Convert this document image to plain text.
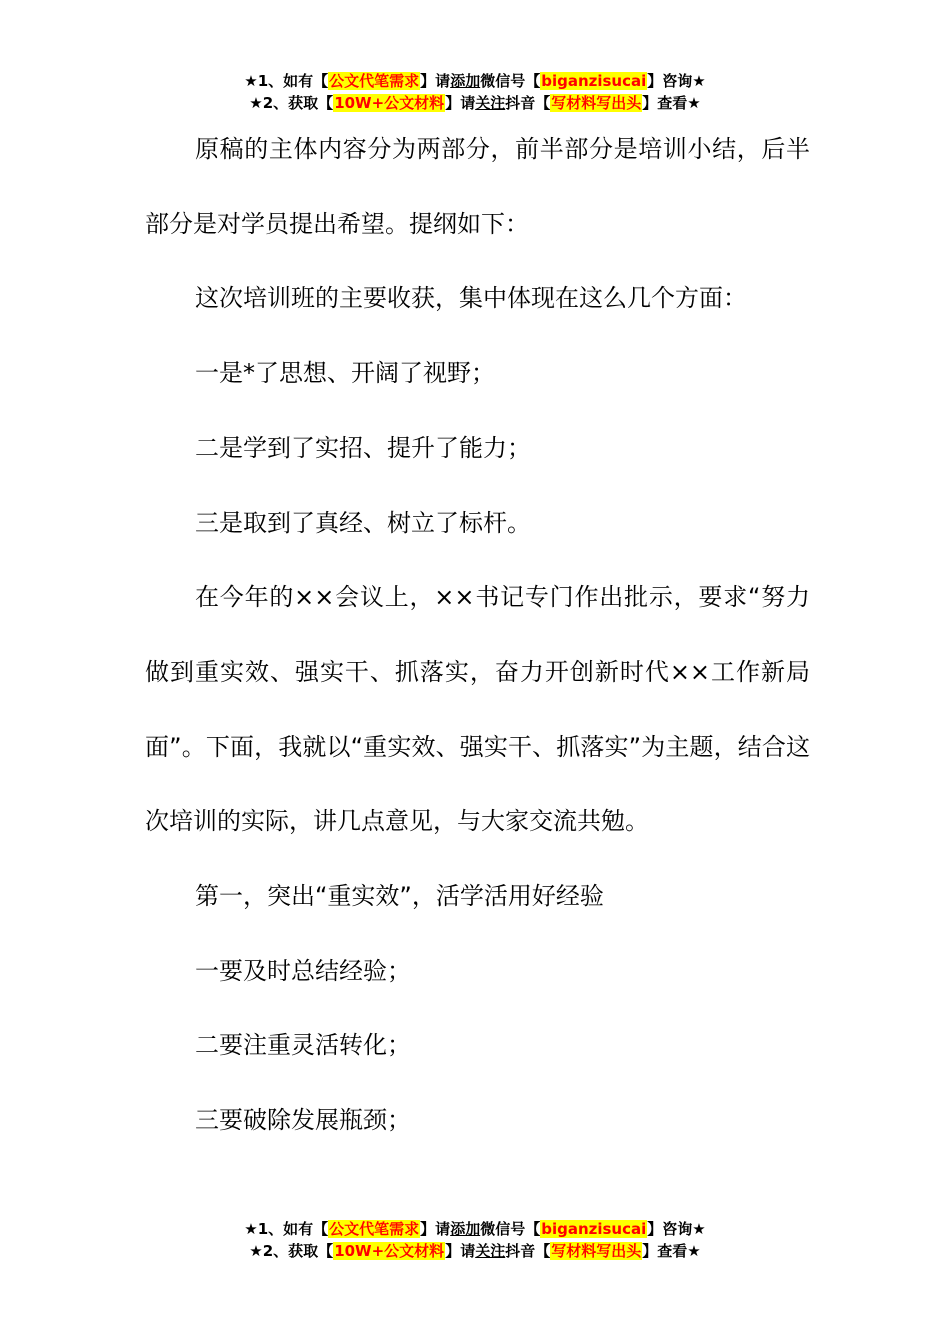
★1、如有【公文代笔需求】请添加微信号【biganzisucai】咨询★
★2、获取【10W+公文材料】请关注抖音【写材料写出头】查看★

原稿的主体内容分为两部分，前半部分是培训小结，后半部分是对学员提出希望。提纲如下：

这次培训班的主要收获，集中体现在这么几个方面：

一是*了思想、开阔了视野；

二是学到了实招、提升了能力；

三是取到了真经、树立了标杆。

在今年的××会议上，××书记专门作出批示，要求“努力做到重实效、强实干、抓落实，奋力开创新时代××工作新局面”。下面，我就以“重实效、强实干、抓落实”为主题，结合这次培训的实际，讲几点意见，与大家交流共勉。

第一，突出“重实效”，活学活用好经验

一要及时总结经验；

二要注重灵活转化；

三要破除发展瓶颈；

★1、如有【公文代笔需求】请添加微信号【biganzisucai】咨询★
★2、获取【10W+公文材料】请关注抖音【写材料写出头】查看★
